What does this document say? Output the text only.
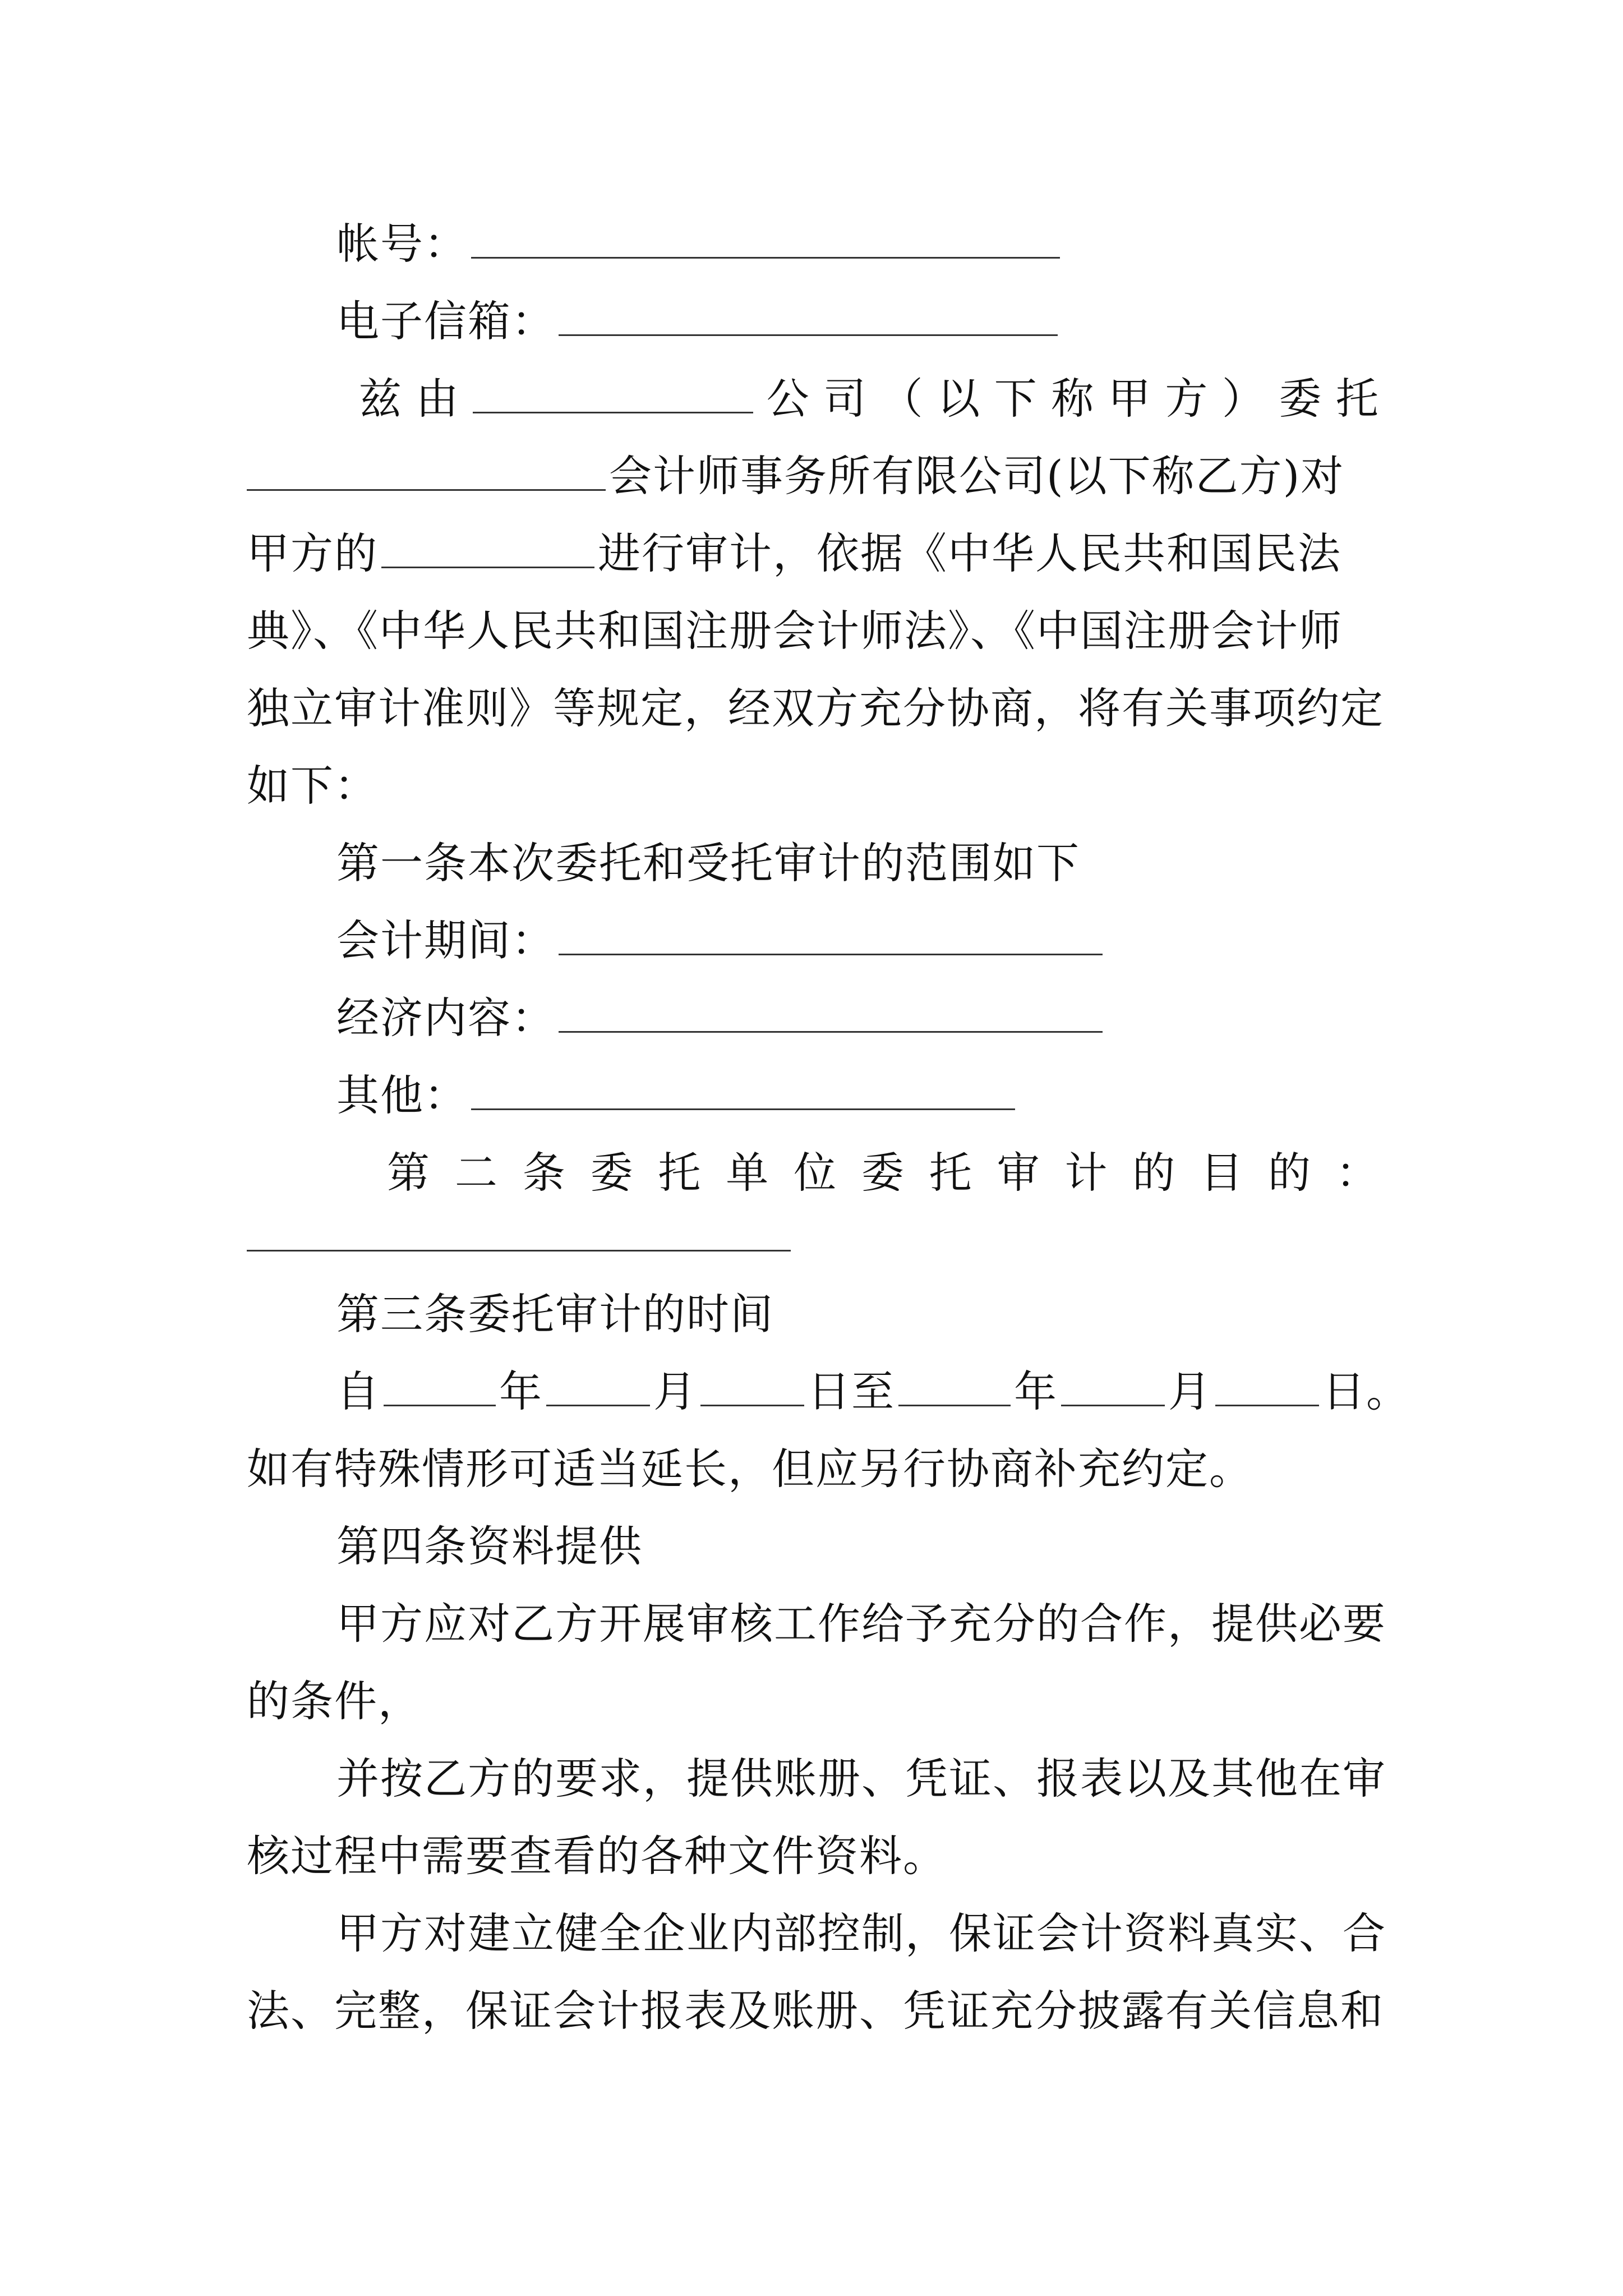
帐号：
电子信箱：
兹 由	公 司 （ 以 下 称 甲 方 ） 委 托
会计师事务所有限公司(以下称乙方)对
甲方的	进行审计，依据《中华人民共和国民法
典》、《中华人民共和国注册会计师法》、《中国注册会计师
独立审计准则》等规定，经双方充分协商，将有关事项约定
如下：
第一条本次委托和受托审计的范围如下
会计期间：
经济内容：
其他：
第 二 条 委 托 单 位 委 托 审 计 的 目 的 ：
第三条委托审计的时间
自	年	月	日至	年	月	日。
如有特殊情形可适当延长，但应另行协商补充约定。
第四条资料提供
甲方应对乙方开展审核工作给予充分的合作，提供必要
的条件，
并按乙方的要求，提供账册、凭证、报表以及其他在审
核过程中需要查看的各种文件资料。
甲方对建立健全企业内部控制，保证会计资料真实、合
法、完整，保证会计报表及账册、凭证充分披露有关信息和
